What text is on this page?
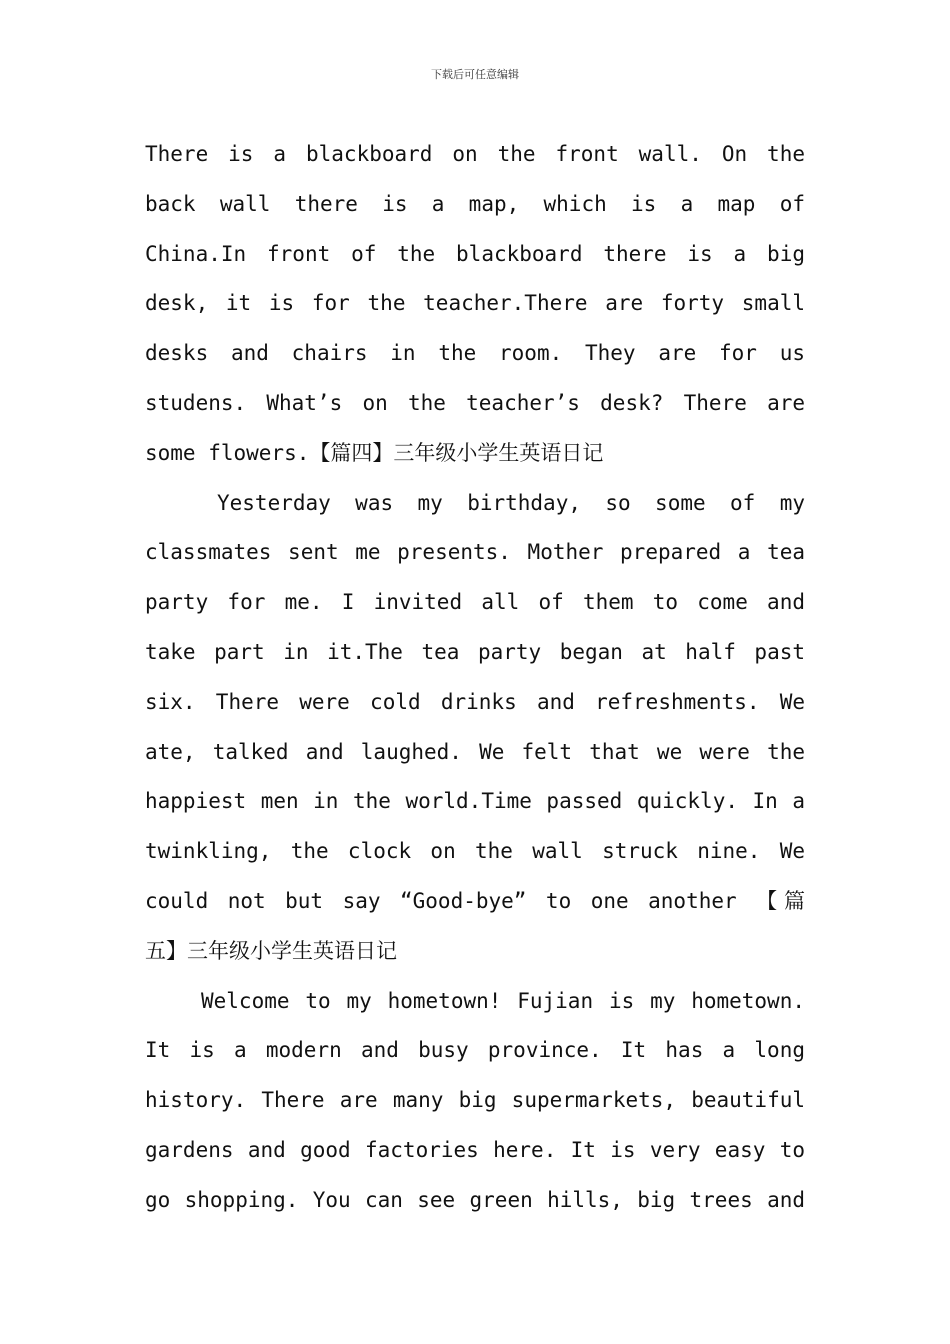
下载后可任意编辑
There is a blackboard on the front wall. On the
back wall there is a map, which is a map of
China.In front of the blackboard there is a big
desk, it is for the teacher.There are forty small
desks and chairs in the room. They are for us
studens. What’s on the teacher’s desk? There are
some flowers.【篇四】三年级小学生英语日记
Yesterday was my birthday, so some of my
classmates sent me presents. Mother prepared a tea
party for me. I invited all of them to come and
take part in it.The tea party began at half past
six. There were cold drinks and refreshments. We
ate, talked and laughed. We felt that we were the
happiest men in the world.Time passed quickly. In a
twinkling, the clock on the wall struck nine. We
could not but say “Good-bye” to one another 【篇
五】三年级小学生英语日记
Welcome to my hometown! Fujian is my hometown.
It is a modern and busy province. It has a long
history. There are many big supermarkets, beautiful
gardens and good factories here. It is very easy to
go shopping. You can see green hills, big trees and
